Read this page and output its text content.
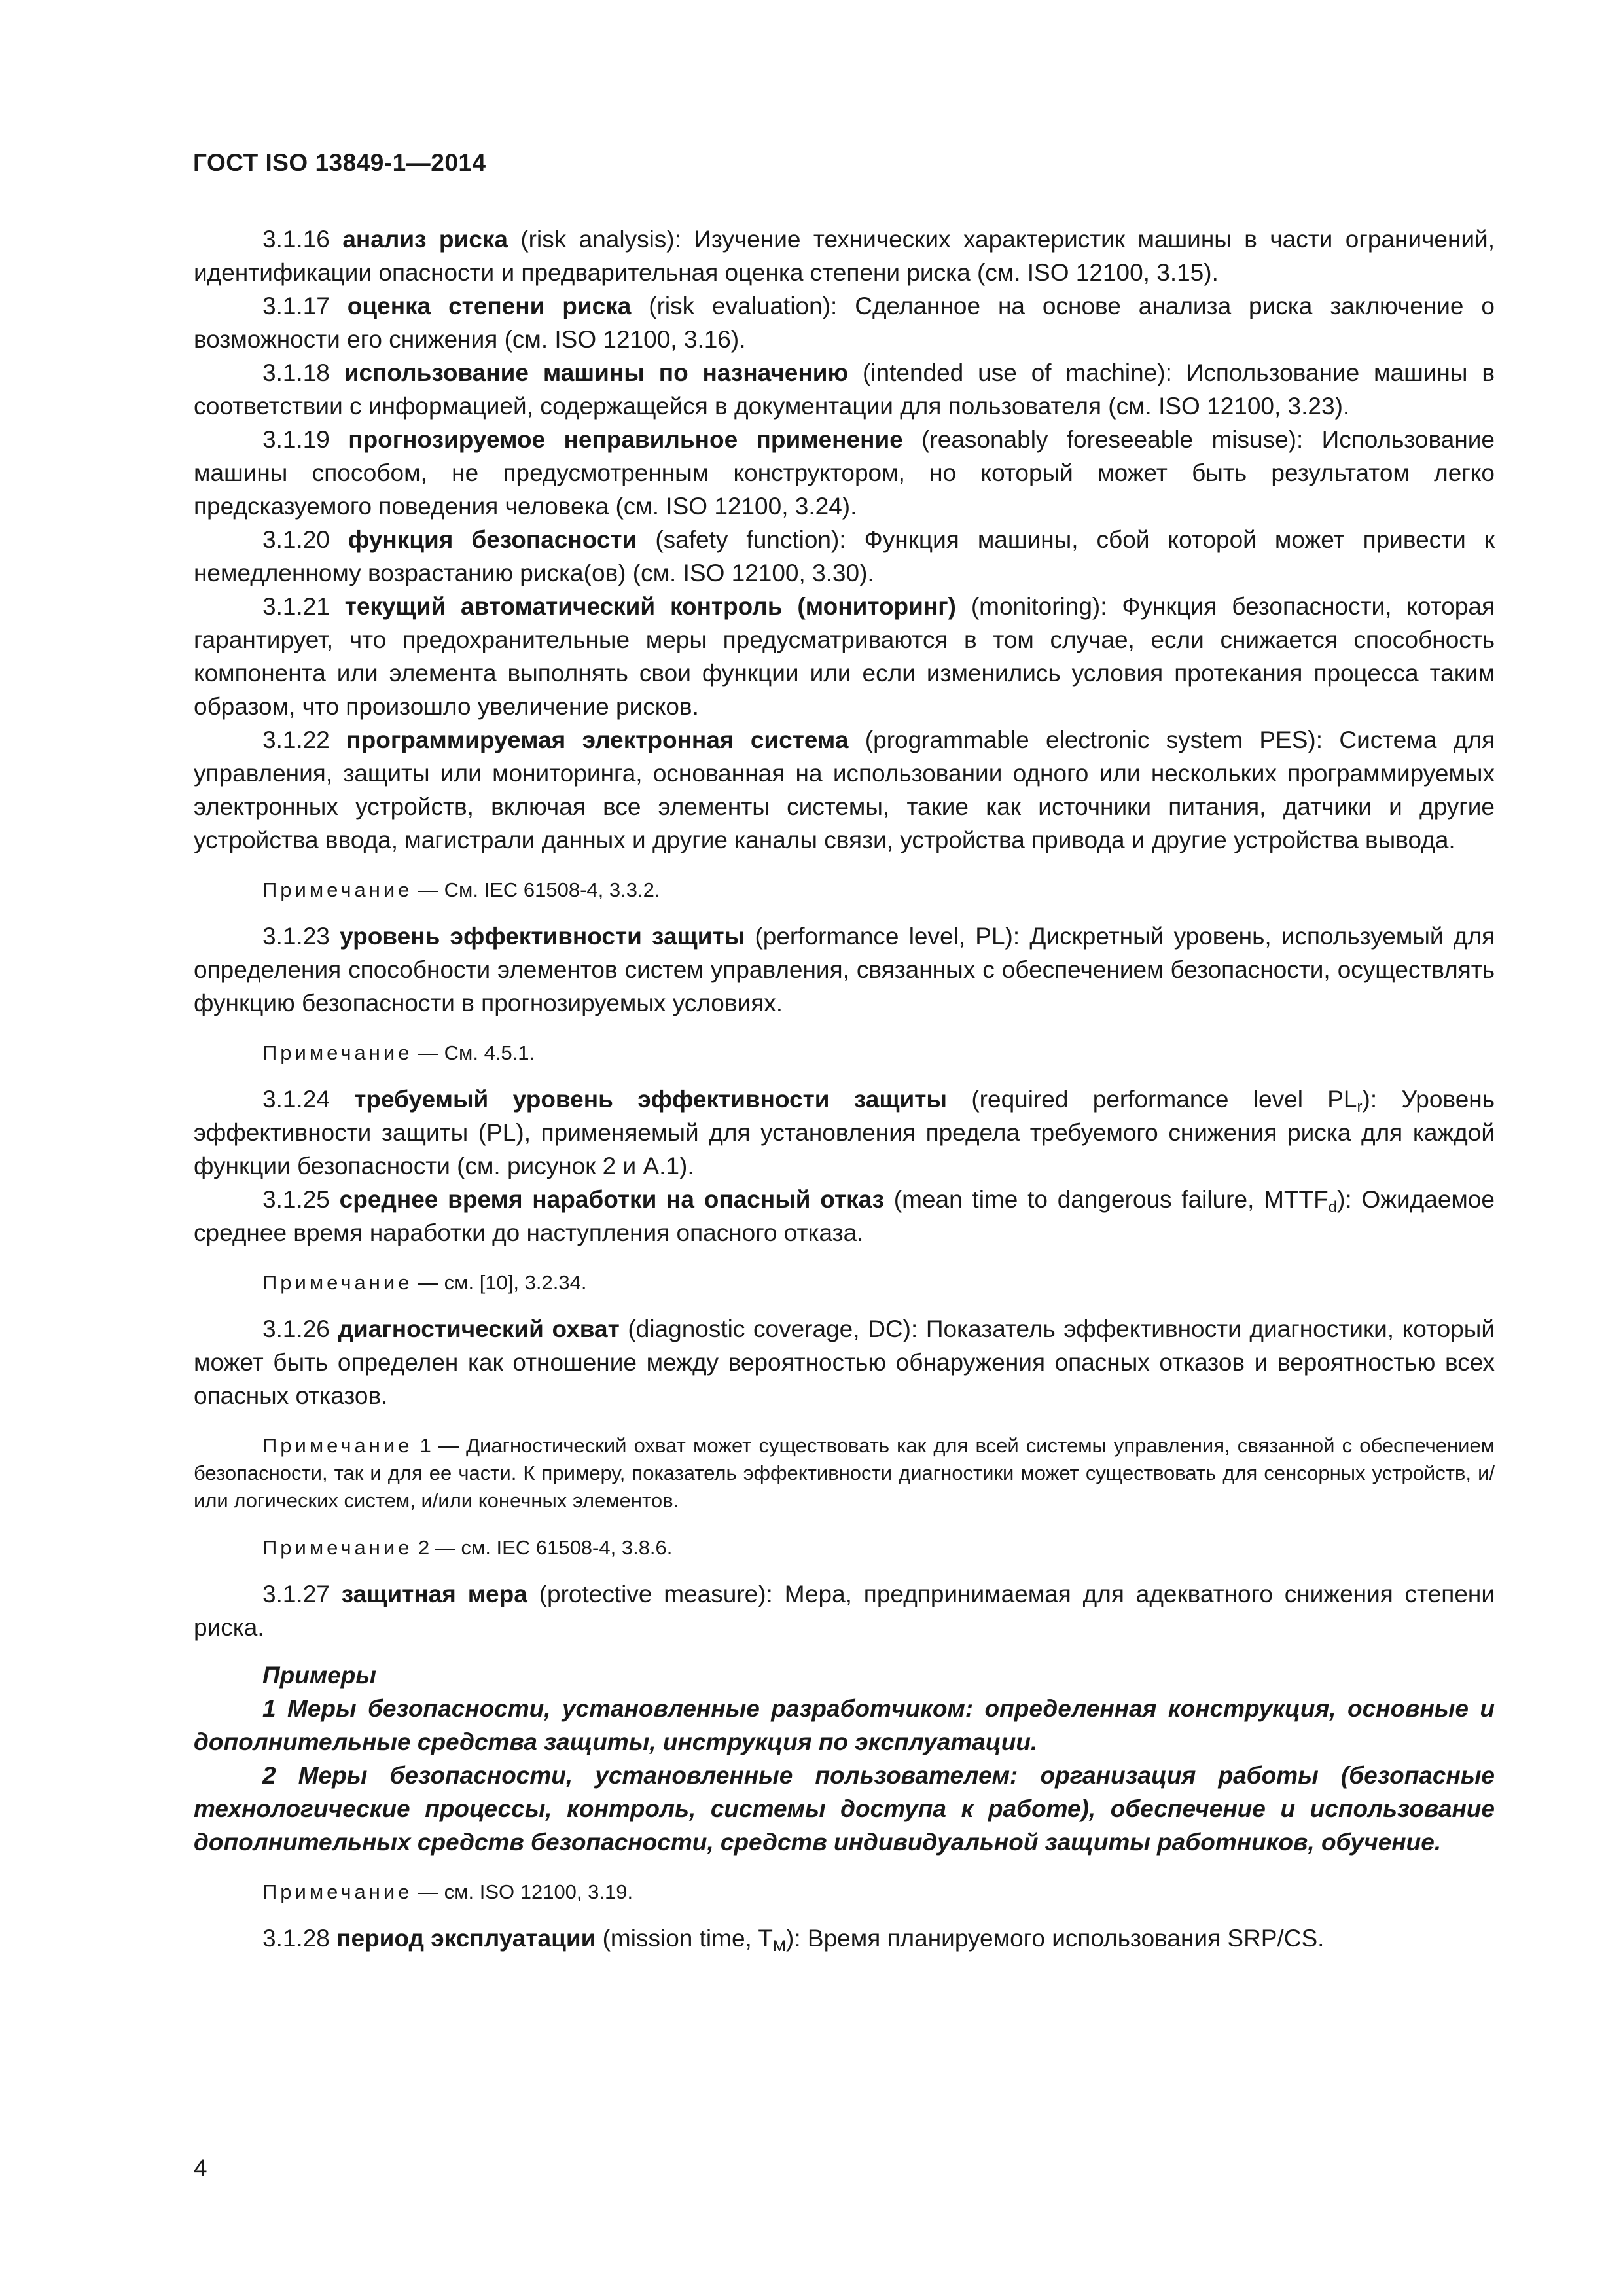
ГОСТ ISO 13849-1—2014

3.1.16 анализ риска (risk analysis): Изучение технических характеристик машины в части ограничений, идентификации опасности и предварительная оценка степени риска (см. ISO 12100, 3.15).

3.1.17 оценка степени риска (risk evaluation): Сделанное на основе анализа риска заключение о возможности его снижения (см. ISO 12100, 3.16).

3.1.18 использование машины по назначению (intended use of machine): Использование машины в соответствии с информацией, содержащейся в документации для пользователя (см. ISO 12100, 3.23).

3.1.19 прогнозируемое неправильное применение (reasonably foreseeable misuse): Использование машины способом, не предусмотренным конструктором, но который может быть результатом легко предсказуемого поведения человека (см. ISO 12100, 3.24).

3.1.20 функция безопасности (safety function): Функция машины, сбой которой может привести к немедленному возрастанию риска(ов) (см. ISO 12100, 3.30).

3.1.21 текущий автоматический контроль (мониторинг) (monitoring): Функция безопасности, которая гарантирует, что предохранительные меры предусматриваются в том случае, если снижается способность компонента или элемента выполнять свои функции или если изменились условия протекания процесса таким образом, что произошло увеличение рисков.

3.1.22 программируемая электронная система (programmable electronic system PES): Система для управления, защиты или мониторинга, основанная на использовании одного или нескольких программируемых электронных устройств, включая все элементы системы, такие как источники питания, датчики и другие устройства ввода, магистрали данных и другие каналы связи, устройства привода и другие устройства вывода.

Примечание — См. IEC 61508-4, 3.3.2.

3.1.23 уровень эффективности защиты (performance level, PL): Дискретный уровень, используемый для определения способности элементов систем управления, связанных с обеспечением безопасности, осуществлять функцию безопасности в прогнозируемых условиях.

Примечание — См. 4.5.1.

3.1.24 требуемый уровень эффективности защиты (required performance level $PL_r$): Уровень эффективности защиты (PL), применяемый для установления предела требуемого снижения риска для каждой функции безопасности (см. рисунок 2 и А.1).

3.1.25 среднее время наработки на опасный отказ (mean time to dangerous failure, $MTTF_d$): Ожидаемое среднее время наработки до наступления опасного отказа.

Примечание — см. [10], 3.2.34.

3.1.26 диагностический охват (diagnostic coverage, DC): Показатель эффективности диагностики, который может быть определен как отношение между вероятностью обнаружения опасных отказов и вероятностью всех опасных отказов.

Примечание 1 — Диагностический охват может существовать как для всей системы управления, связанной с обеспечением безопасности, так и для ее части. К примеру, показатель эффективности диагностики может существовать для сенсорных устройств, и/или логических систем, и/или конечных элементов.

Примечание 2 — см. IEC 61508-4, 3.8.6.

3.1.27 защитная мера (protective measure): Мера, предпринимаемая для адекватного снижения степени риска.

Примеры

1 Меры безопасности, установленные разработчиком: определенная конструкция, основные и дополнительные средства защиты, инструкция по эксплуатации.

2 Меры безопасности, установленные пользователем: организация работы (безопасные технологические процессы, контроль, системы доступа к работе), обеспечение и использование дополнительных средств безопасности, средств индивидуальной защиты работников, обучение.

Примечание — см. ISO 12100, 3.19.

3.1.28 период эксплуатации (mission time, $T_M$): Время планируемого использования SRP/CS.

4
